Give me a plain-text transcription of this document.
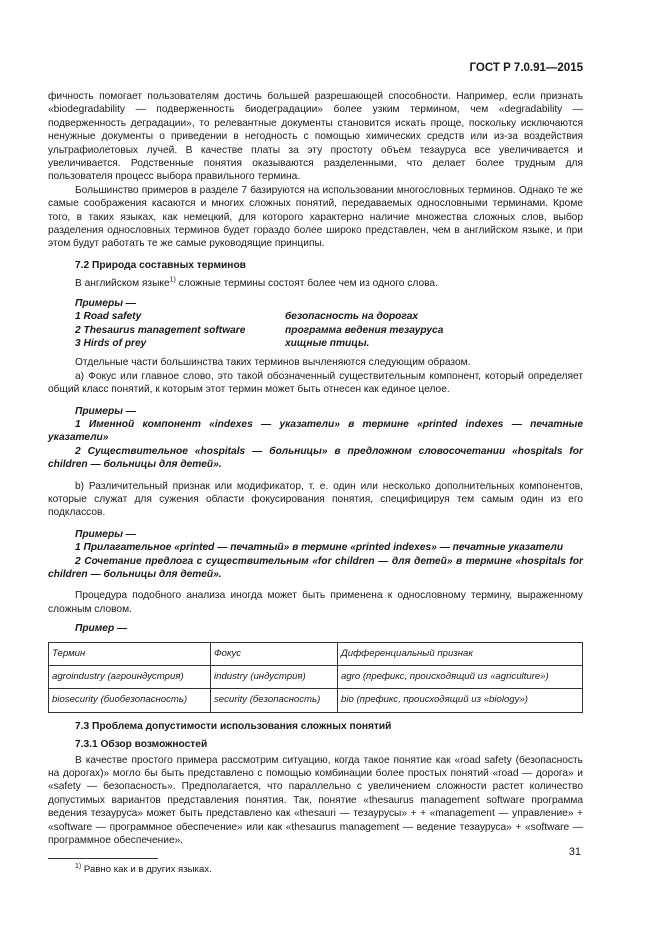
ГОСТ Р 7.0.91—2015

фичность помогает пользователям достичь большей разрешающей способности. Например, если признать «biodegradability — подверженность биодеградации» более узким термином, чем «degradability — подверженность деградации», то релевантные документы становится искать проще, поскольку исключаются ненужные документы о приведении в негодность с помощью химических средств или из-за воздействия ультрафиолетовых лучей. В качестве платы за эту простоту объем тезауруса все увеличивается и увеличивается. Родственные понятия оказываются разделенными, что делает более трудным для пользователя процесс выбора правильного термина.

Большинство примеров в разделе 7 базируются на использовании многословных терминов. Однако те же самые соображения касаются и многих сложных понятий, передаваемых однословными терминами. Кроме того, в таких языках, как немецкий, для которого характерно наличие множества сложных слов, выбор разделения однословных терминов будет гораздо более широко представлен, чем в английском языке, и при этом будут работать те же самые руководящие принципы.

7.2 Природа составных терминов

В английском языке$^{1)}$ сложные термины состоят более чем из одного слова.

Примеры —
1 Road safety	безопасность на дорогах
2 Thesaurus management software	программа ведения тезауруса
3 Hirds of prey	хищные птицы.

Отдельные части большинства таких терминов вычленяются следующим образом.

а) Фокус или главное слово, это такой обозначенный существительным компонент, который определяет общий класс понятий, к которым этот термин может быть отнесен как единое целое.

Примеры —

1 Именной компонент «indexes — указатели» в термине «printed indexes — печатные указатели»

2 Существительное «hospitals — больницы» в предложном словосочетании «hospitals for children — больницы для детей».

b) Различительный признак или модификатор, т. е. один или несколько дополнительных компонентов, которые служат для сужения области фокусирования понятия, специфицируя тем самым один из его подклассов.

Примеры —

1 Прилагательное «printed — печатный» в термине «printed indexes» — печатные указатели

2 Сочетание предлога с существительным «for children — для детей» в термине «hospitals for children — больницы для детей».

Процедура подобного анализа иногда может быть применена к однословному термину, выраженному сложным словом.

Пример —
Термин	Фокус	Дифференциальный признак
agroindustry (агроиндустрия)	industry (индустрия)	agro (префикс, происходящий из «agriculture»)
biosecurity (биобезопасность)	security (безопасность)	bio (префикс, происходящий из «biology»)
7.3 Проблема допустимости использования сложных понятий
7.3.1 Обзор возможностей

В качестве простого примера рассмотрим ситуацию, когда такое понятие как «road safety (безопасность на дорогах)» могло бы быть представлено с помощью комбинации более простых понятий «road — дорога» и «safety — безопасность». Предполагается, что параллельно с увеличением сложности растет количество допустимых вариантов представления понятия. Так, понятие «thesaurus management software программа ведения тезауруса» может быть представлено как «thesauri — тезаурусы» + + «management — управление» + «software — программное обеспечение» или как «thesaurus management — ведение тезауруса» + «software — программное обеспечение».

$^{1)}$ Равно как и в других языках.
31
